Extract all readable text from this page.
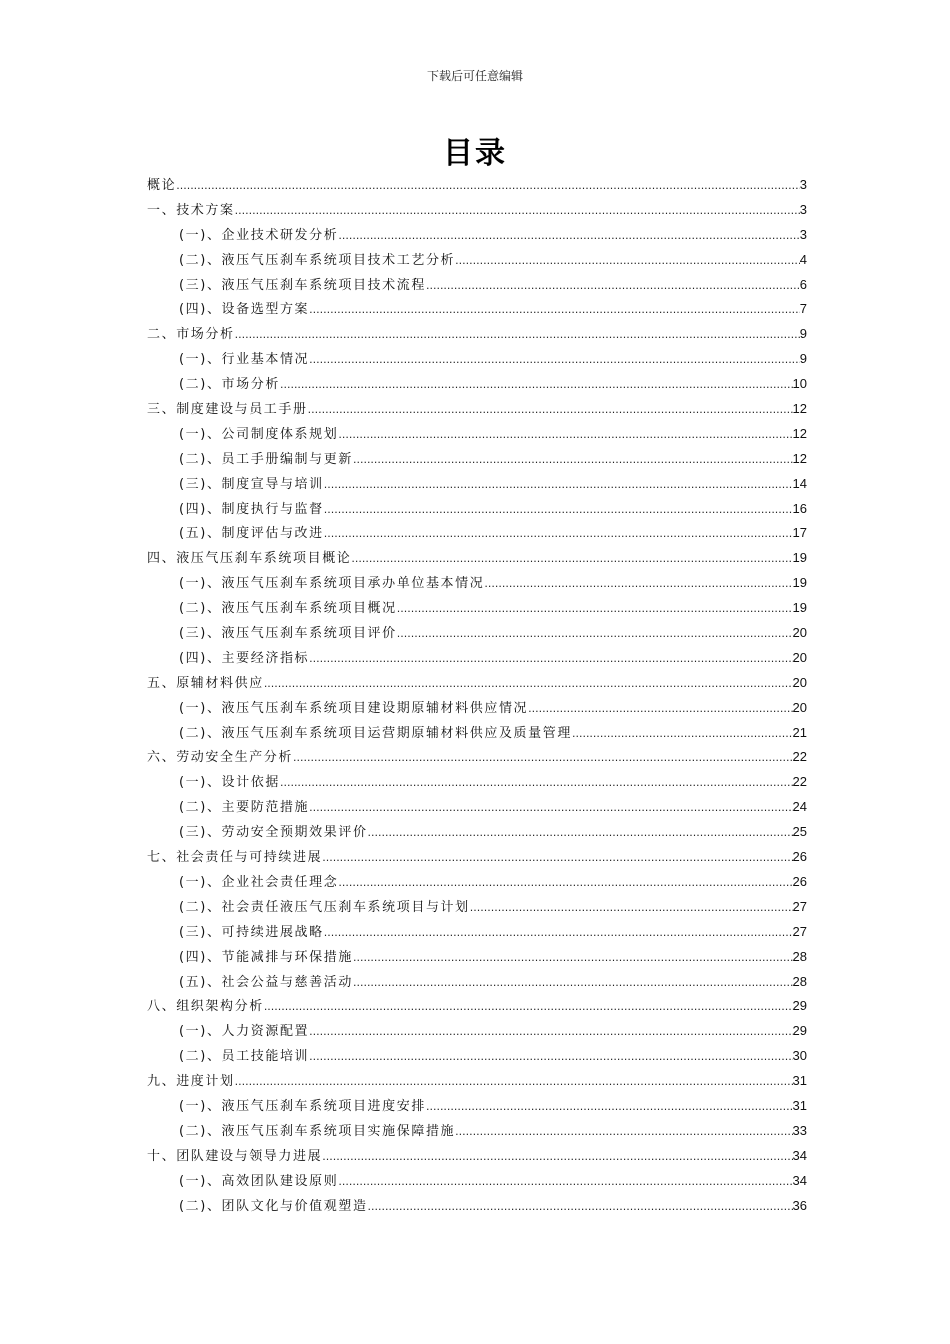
下载后可任意编辑
目录
概论 .....	3
一、技术方案 .....	3
(一)、企业技术研发分析 .....	3
(二)、液压气压刹车系统项目技术工艺分析 .....	4
(三)、液压气压刹车系统项目技术流程 .....	6
(四)、设备选型方案 .....	7
二、市场分析 .....	9
(一)、行业基本情况 .....	9
(二)、市场分析 .....	10
三、制度建设与员工手册 .....	12
(一)、公司制度体系规划 .....	12
(二)、员工手册编制与更新 .....	12
(三)、制度宣导与培训 .....	14
(四)、制度执行与监督 .....	16
(五)、制度评估与改进 .....	17
四、液压气压刹车系统项目概论 .....	19
(一)、液压气压刹车系统项目承办单位基本情况 .....	19
(二)、液压气压刹车系统项目概况 .....	19
(三)、液压气压刹车系统项目评价 .....	20
(四)、主要经济指标 .....	20
五、原辅材料供应 .....	20
(一)、液压气压刹车系统项目建设期原辅材料供应情况 .....	20
(二)、液压气压刹车系统项目运营期原辅材料供应及质量管理 .....	21
六、劳动安全生产分析 .....	22
(一)、设计依据 .....	22
(二)、主要防范措施 .....	24
(三)、劳动安全预期效果评价 .....	25
七、社会责任与可持续进展 .....	26
(一)、企业社会责任理念 .....	26
(二)、社会责任液压气压刹车系统项目与计划 .....	27
(三)、可持续进展战略 .....	27
(四)、节能减排与环保措施 .....	28
(五)、社会公益与慈善活动 .....	28
八、组织架构分析 .....	29
(一)、人力资源配置 .....	29
(二)、员工技能培训 .....	30
九、进度计划 .....	31
(一)、液压气压刹车系统项目进度安排 .....	31
(二)、液压气压刹车系统项目实施保障措施 .....	33
十、团队建设与领导力进展 .....	34
(一)、高效团队建设原则 .....	34
(二)、团队文化与价值观塑造 .....	36
